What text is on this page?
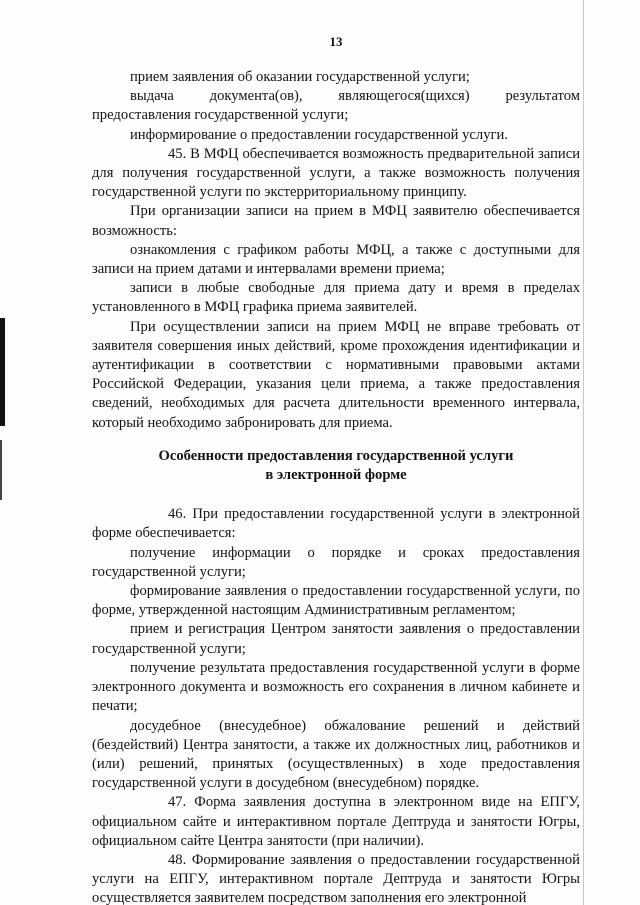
13

прием заявления об оказании государственной услуги;

выдача документа(ов), являющегося(щихся) результатом предоставления государственной услуги;

информирование о предоставлении государственной услуги.

45. В МФЦ обеспечивается возможность предварительной записи для получения государственной услуги, а также возможность получения государственной услуги по экстерриториальному принципу.

При организации записи на прием в МФЦ заявителю обеспечивается возможность:

ознакомления с графиком работы МФЦ, а также с доступными для записи на прием датами и интервалами времени приема;

записи в любые свободные для приема дату и время в пределах установленного в МФЦ графика приема заявителей.

При осуществлении записи на прием МФЦ не вправе требовать от заявителя совершения иных действий, кроме прохождения идентификации и аутентификации в соответствии с нормативными правовыми актами Российской Федерации, указания цели приема, а также предоставления сведений, необходимых для расчета длительности временного интервала, который необходимо забронировать для приема.

Особенности предоставления государственной услуги
в электронной форме

46. При предоставлении государственной услуги в электронной форме обеспечивается:

получение информации о порядке и сроках предоставления государственной услуги;

формирование заявления о предоставлении государственной услуги, по форме, утвержденной настоящим Административным регламентом;

прием и регистрация Центром занятости заявления о предоставлении государственной услуги;

получение результата предоставления государственной услуги в форме электронного документа и возможность его сохранения в личном кабинете и печати;

досудебное (внесудебное) обжалование решений и действий (бездействий) Центра занятости, а также их должностных лиц, работников и (или) решений, принятых (осуществленных) в ходе предоставления государственной услуги в досудебном (внесудебном) порядке.

47. Форма заявления доступна в электронном виде на ЕПГУ, официальном сайте и интерактивном портале Дептруда и занятости Югры, официальном сайте Центра занятости (при наличии).

48. Формирование заявления о предоставлении государственной услуги на ЕПГУ, интерактивном портале Дептруда и занятости Югры осуществляется заявителем посредством заполнения его электронной
